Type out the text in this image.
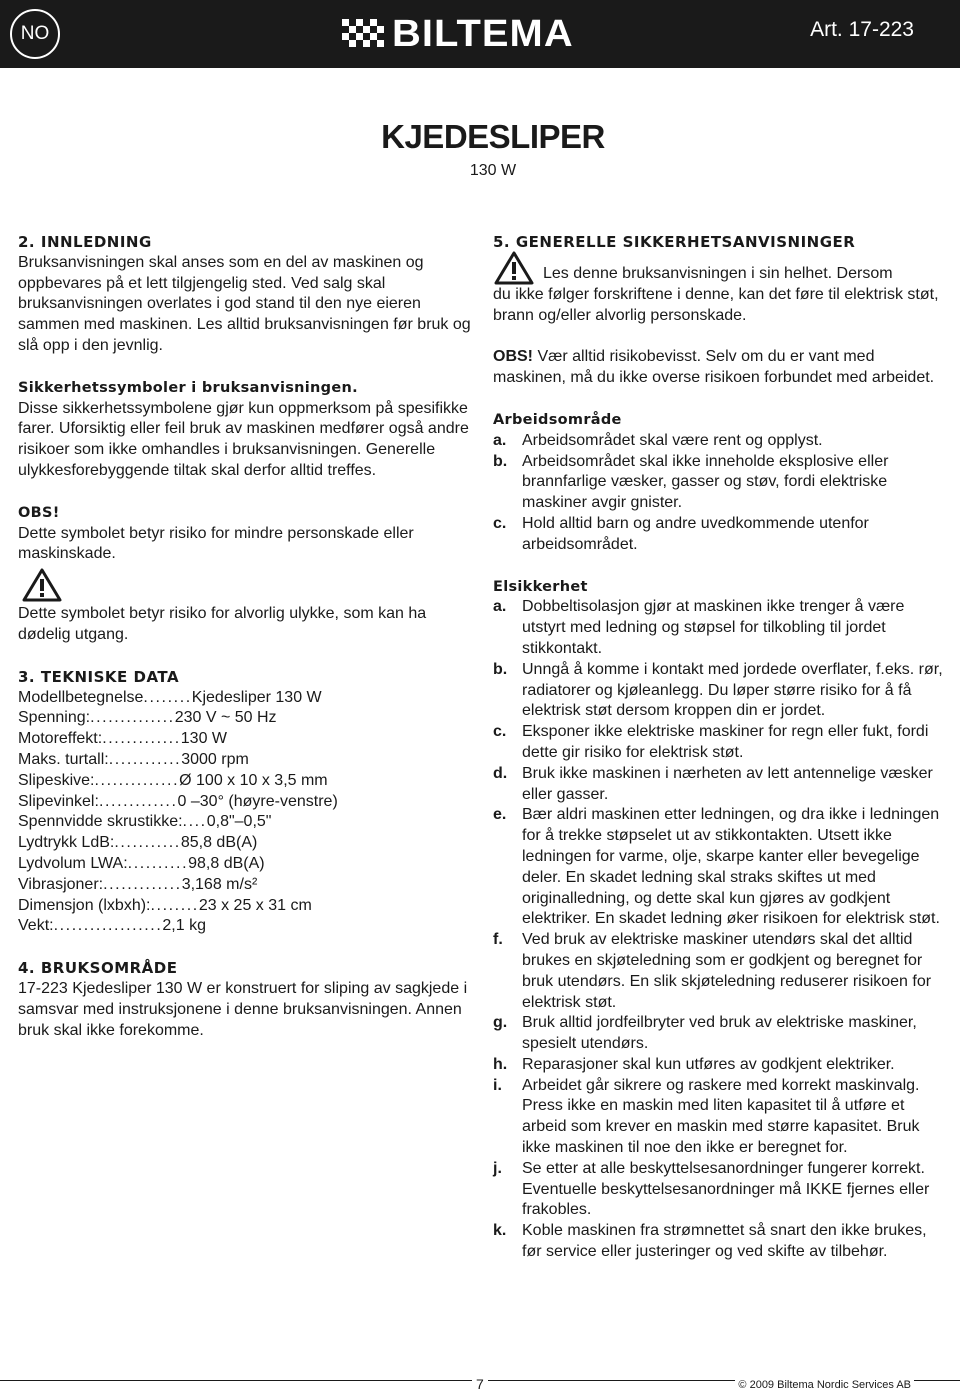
NO	BILTEMA	Art. 17-223
KJEDESLIPER
130 W

2. INNLEDNING

Bruksanvisningen skal anses som en del av maskinen og oppbevares på et lett tilgjengelig sted. Ved salg skal bruksanvisningen overlates i god stand til den nye eieren sammen med maskinen. Les alltid bruksanvisningen før bruk og slå opp i den jevnlig.

Sikkerhetssymboler i bruksanvisningen.

Disse sikkerhetssymbolene gjør kun oppmerksom på spesifikke farer. Uforsiktig eller feil bruk av maskinen medfører også andre risikoer som ikke omhandles i bruksanvisningen. Generelle ulykkesforebyggende tiltak skal derfor alltid treffes.

OBS!

Dette symbolet betyr risiko for mindre personskade eller maskinskade.

Dette symbolet betyr risiko for alvorlig ulykke, som kan ha dødelig utgang.

3. TEKNISKE DATA

Modellbetegnelse ........ Kjedesliper 130 W
Spenning: .............. 230 V ~ 50 Hz
Motoreffekt: ............. 130 W
Maks. turtall: ............ 3000 rpm
Slipeskive: .............. Ø 100 x 10 x 3,5 mm
Slipevinkel: ............. 0 –30° (høyre-venstre)
Spennvidde skrustikke: .... 0,8"–0,5"
Lydtrykk LdB: ........... 85,8 dB(A)
Lydvolum LWA: .......... 98,8 dB(A)
Vibrasjoner: ............. 3,168 m/s²
Dimensjon (lxbxh): ........ 23 x 25 x 31 cm
Vekt: .................. 2,1 kg

4. BRUKSOMRÅDE

17-223 Kjedesliper 130 W er konstruert for sliping av sagkjede i samsvar med instruksjonene i denne bruksanvisningen. Annen bruk skal ikke forekomme.

5. GENERELLE SIKKERHETSANVISNINGER

Les denne bruksanvisningen i sin helhet. Dersom

du ikke følger forskriftene i denne, kan det føre til elektrisk støt, brann og/eller alvorlig personskade.

OBS! Vær alltid risikobevisst. Selv om du er vant med maskinen, må du ikke overse risikoen forbundet med arbeidet.

Arbeidsområde

a. Arbeidsområdet skal være rent og opplyst.
b. Arbeidsområdet skal ikke inneholde eksplosive eller brannfarlige væsker, gasser og støv, fordi elektriske maskiner avgir gnister.
c. Hold alltid barn og andre uvedkommende utenfor arbeidsområdet.

Elsikkerhet

a. Dobbeltisolasjon gjør at maskinen ikke trenger å være utstyrt med ledning og støpsel for tilkobling til jordet stikkontakt.
b. Unngå å komme i kontakt med jordede overflater, f.eks. rør, radiatorer og kjøleanlegg. Du løper større risiko for å få elektrisk støt dersom kroppen din er jordet.
c. Eksponer ikke elektriske maskiner for regn eller fukt, fordi dette gir risiko for elektrisk støt.
d. Bruk ikke maskinen i nærheten av lett antennelige væsker eller gasser.
e. Bær aldri maskinen etter ledningen, og dra ikke i ledningen for å trekke støpselet ut av stikkontakten. Utsett ikke ledningen for varme, olje, skarpe kanter eller bevegelige deler. En skadet ledning skal straks skiftes ut med originalledning, og dette skal kun gjøres av godkjent elektriker. En skadet ledning øker risikoen for elektrisk støt.
f.	Ved bruk av elektriske maskiner utendørs skal det alltid brukes en skjøteledning som er godkjent og beregnet for bruk utendørs. En slik skjøteledning reduserer risikoen for elektrisk støt.
g. Bruk alltid jordfeilbryter ved bruk av elektriske maskiner, spesielt utendørs.
h. Reparasjoner skal kun utføres av godkjent elektriker.
i.	Arbeidet går sikrere og raskere med korrekt maskinvalg. Press ikke en maskin med liten kapasitet til å utføre et arbeid som krever en maskin med større kapasitet. Bruk ikke maskinen til noe den ikke er beregnet for.
j.	Se etter at alle beskyttelsesanordninger fungerer korrekt. Eventuelle beskyttelsesanordninger må IKKE fjernes eller frakobles.
k. Koble maskinen fra strømnettet så snart den ikke brukes, før service eller justeringer og ved skifte av tilbehør.
7	© 2009 Biltema Nordic Services AB
